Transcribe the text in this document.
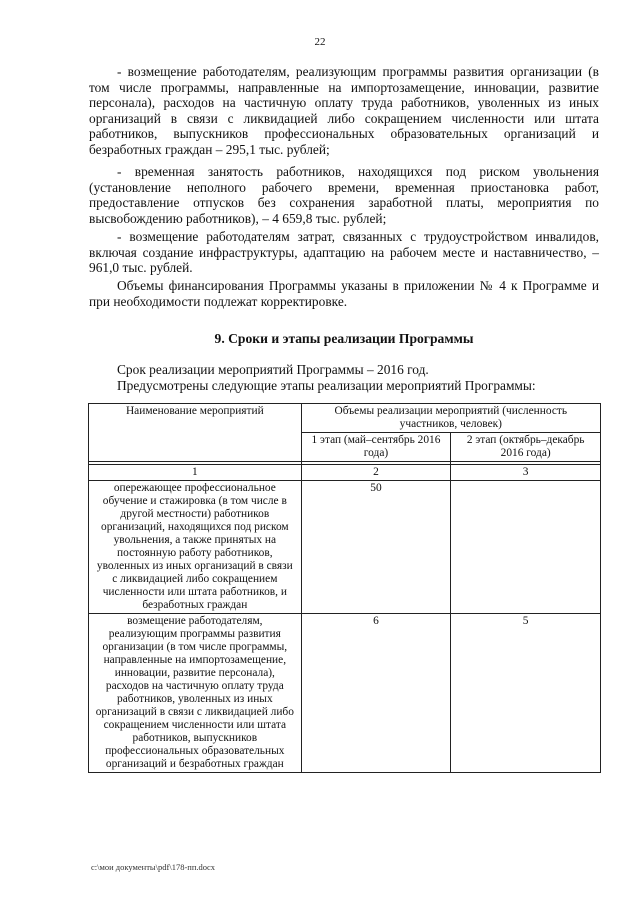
22
- возмещение работодателям, реализующим программы развития организации (в том числе программы, направленные на импортозамещение, инновации, развитие персонала), расходов на частичную оплату труда работников, уволенных из иных организаций в связи с ликвидацией либо сокращением численности или штата работников, выпускников профессиональных образовательных организаций и безработных граждан – 295,1 тыс. рублей;
- временная занятость работников, находящихся под риском увольнения (установление неполного рабочего времени, временная приостановка работ, предоставление отпусков без сохранения заработной платы, мероприятия по высвобождению работников), – 4 659,8 тыс. рублей;
- возмещение работодателям затрат, связанных с трудоустройством инвалидов, включая создание инфраструктуры, адаптацию на рабочем месте и наставничество, – 961,0 тыс. рублей.
Объемы финансирования Программы указаны в приложении № 4 к Программе и при необходимости подлежат корректировке.
9. Сроки и этапы реализации Программы
Срок реализации мероприятий Программы – 2016 год.
Предусмотрены следующие этапы реализации мероприятий Программы:
Наименование мероприятий	Объемы реализации мероприятий (численность участников, человек)	
	1 этап (май–сентябрь 2016 года)	2 этап (октябрь–декабрь 2016 года)

1	2	3
опережающее профессиональное обучение и стажировка (в том числе в другой местности) работников организаций, находящихся под риском увольнения, а также принятых на постоянную работу работников, уволенных из иных организаций в связи с ликвидацией либо сокращением численности или штата работников, и безработных граждан	50	
возмещение работодателям, реализующим программы развития организации (в том числе программы, направленные на импортозамещение, инновации, развитие персонала), расходов на частичную оплату труда работников, уволенных из иных организаций в связи с ликвидацией либо сокращением численности или штата работников, выпускников профессиональных образовательных организаций и безработных граждан	6	5
c:\мои документы\pdf\178-пп.docx
